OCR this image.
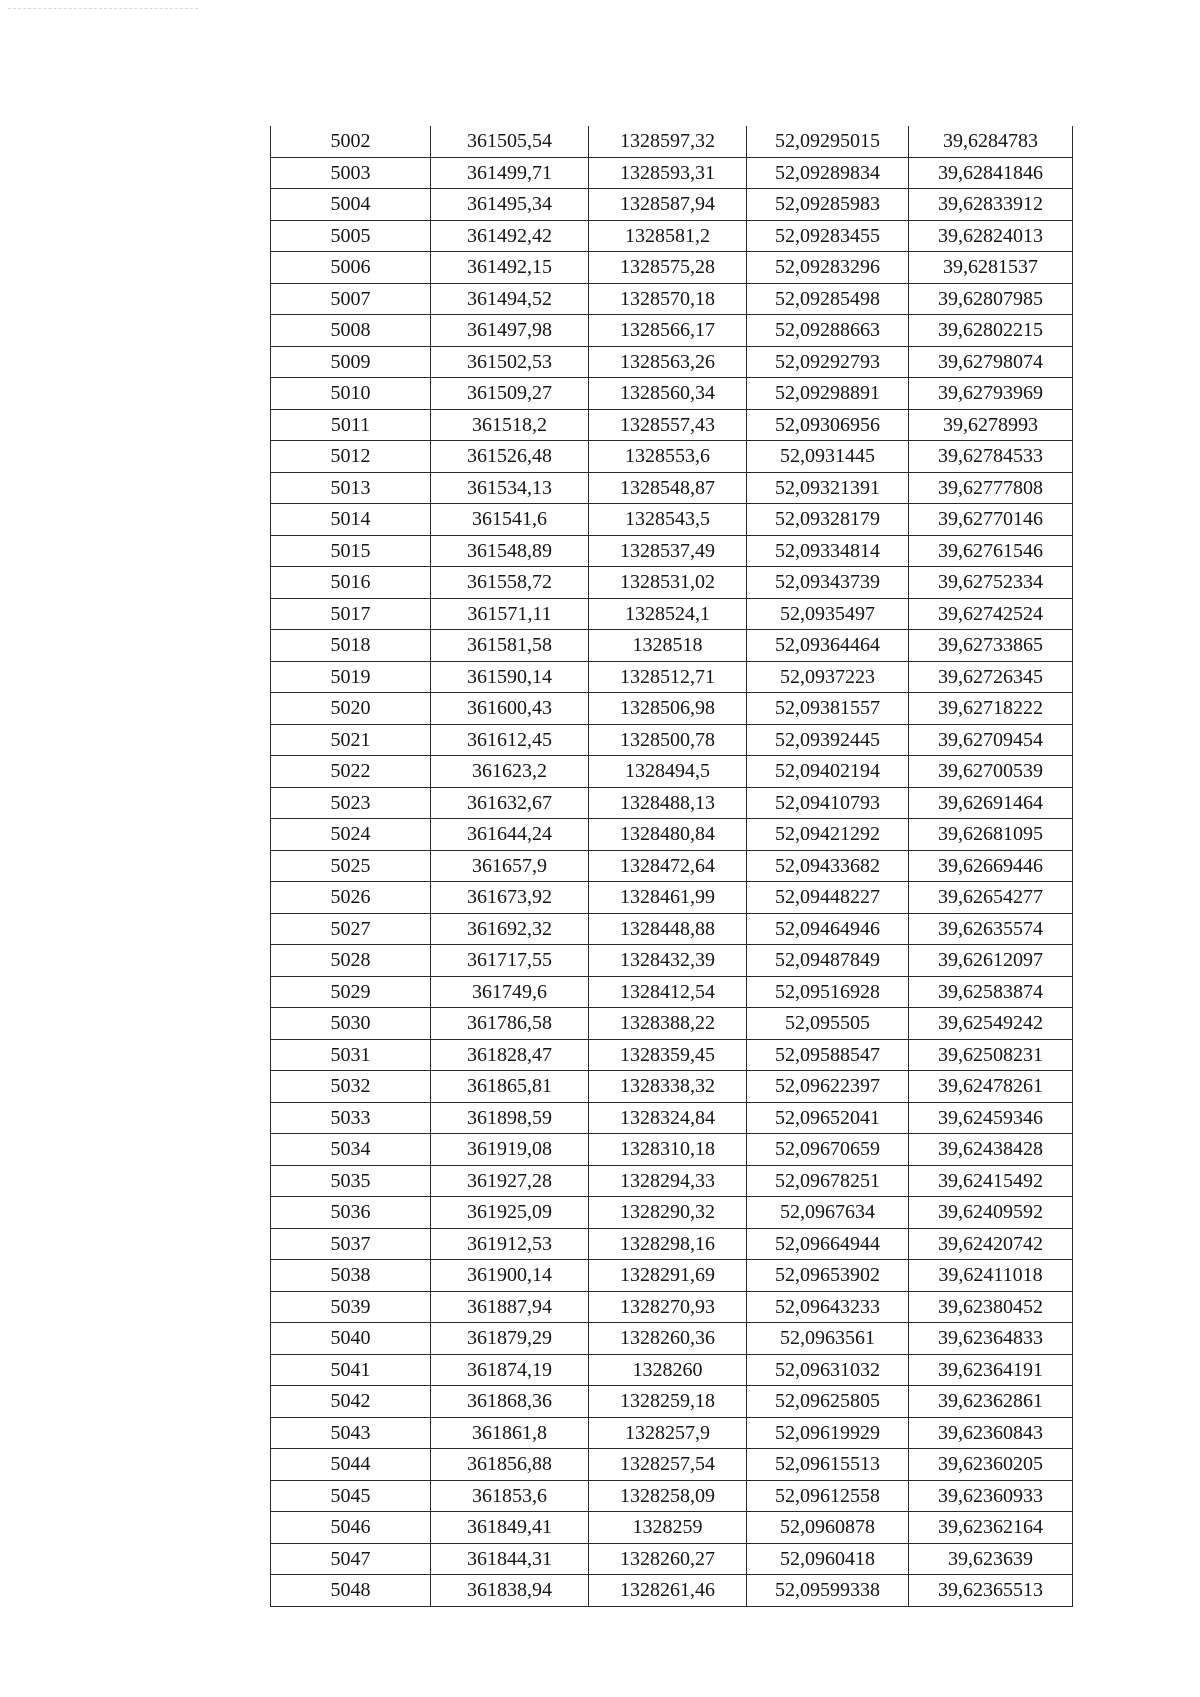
5002	361505,54	1328597,32	52,09295015	39,6284783
5003	361499,71	1328593,31	52,09289834	39,62841846
5004	361495,34	1328587,94	52,09285983	39,62833912
5005	361492,42	1328581,2	52,09283455	39,62824013
5006	361492,15	1328575,28	52,09283296	39,6281537
5007	361494,52	1328570,18	52,09285498	39,62807985
5008	361497,98	1328566,17	52,09288663	39,62802215
5009	361502,53	1328563,26	52,09292793	39,62798074
5010	361509,27	1328560,34	52,09298891	39,62793969
5011	361518,2	1328557,43	52,09306956	39,6278993
5012	361526,48	1328553,6	52,0931445	39,62784533
5013	361534,13	1328548,87	52,09321391	39,62777808
5014	361541,6	1328543,5	52,09328179	39,62770146
5015	361548,89	1328537,49	52,09334814	39,62761546
5016	361558,72	1328531,02	52,09343739	39,62752334
5017	361571,11	1328524,1	52,0935497	39,62742524
5018	361581,58	1328518	52,09364464	39,62733865
5019	361590,14	1328512,71	52,0937223	39,62726345
5020	361600,43	1328506,98	52,09381557	39,62718222
5021	361612,45	1328500,78	52,09392445	39,62709454
5022	361623,2	1328494,5	52,09402194	39,62700539
5023	361632,67	1328488,13	52,09410793	39,62691464
5024	361644,24	1328480,84	52,09421292	39,62681095
5025	361657,9	1328472,64	52,09433682	39,62669446
5026	361673,92	1328461,99	52,09448227	39,62654277
5027	361692,32	1328448,88	52,09464946	39,62635574
5028	361717,55	1328432,39	52,09487849	39,62612097
5029	361749,6	1328412,54	52,09516928	39,62583874
5030	361786,58	1328388,22	52,095505	39,62549242
5031	361828,47	1328359,45	52,09588547	39,62508231
5032	361865,81	1328338,32	52,09622397	39,62478261
5033	361898,59	1328324,84	52,09652041	39,62459346
5034	361919,08	1328310,18	52,09670659	39,62438428
5035	361927,28	1328294,33	52,09678251	39,62415492
5036	361925,09	1328290,32	52,0967634	39,62409592
5037	361912,53	1328298,16	52,09664944	39,62420742
5038	361900,14	1328291,69	52,09653902	39,62411018
5039	361887,94	1328270,93	52,09643233	39,62380452
5040	361879,29	1328260,36	52,0963561	39,62364833
5041	361874,19	1328260	52,09631032	39,62364191
5042	361868,36	1328259,18	52,09625805	39,62362861
5043	361861,8	1328257,9	52,09619929	39,62360843
5044	361856,88	1328257,54	52,09615513	39,62360205
5045	361853,6	1328258,09	52,09612558	39,62360933
5046	361849,41	1328259	52,0960878	39,62362164
5047	361844,31	1328260,27	52,0960418	39,623639
5048	361838,94	1328261,46	52,09599338	39,62365513
